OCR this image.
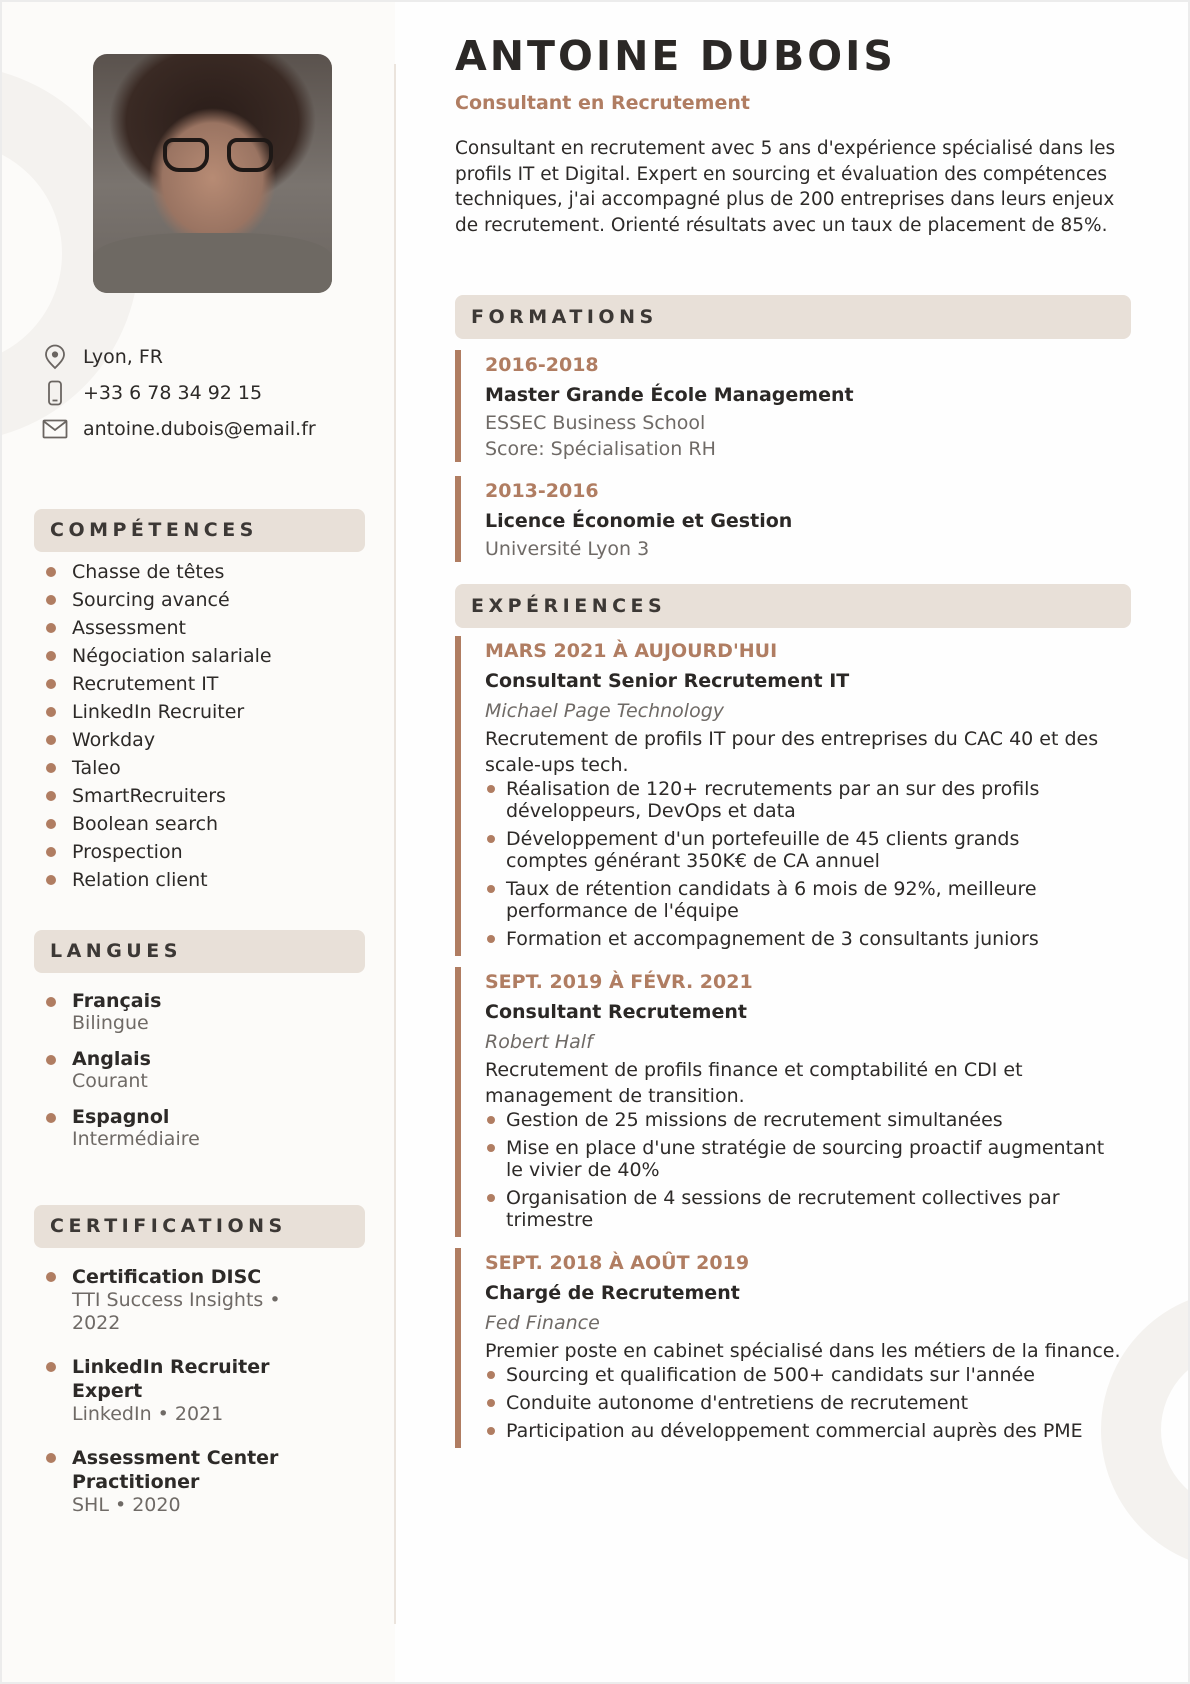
Lyon, FR
+33 6 78 34 92 15
antoine.dubois@email.fr
COMPÉTENCES
Chasse de têtes
Sourcing avancé
Assessment
Négociation salariale
Recrutement IT
LinkedIn Recruiter
Workday
Taleo
SmartRecruiters
Boolean search
Prospection
Relation client
LANGUES
Français
Bilingue
Anglais
Courant
Espagnol
Intermédiaire
CERTIFICATIONS
Certification DISC
TTI Success Insights • 2022
LinkedIn Recruiter Expert
LinkedIn • 2021
Assessment Center Practitioner
SHL • 2020
ANTOINE DUBOIS
Consultant en Recrutement
Consultant en recrutement avec 5 ans d'expérience spécialisé dans les profils IT et Digital. Expert en sourcing et évaluation des compétences techniques, j'ai accompagné plus de 200 entreprises dans leurs enjeux de recrutement. Orienté résultats avec un taux de placement de 85%.
FORMATIONS
2016-2018
Master Grande École Management
ESSEC Business School
Score: Spécialisation RH
2013-2016
Licence Économie et Gestion
Université Lyon 3
EXPÉRIENCES
MARS 2021 À AUJOURD'HUI
Consultant Senior Recrutement IT
Michael Page Technology
Recrutement de profils IT pour des entreprises du CAC 40 et des scale-ups tech.
Réalisation de 120+ recrutements par an sur des profils développeurs, DevOps et data
Développement d'un portefeuille de 45 clients grands comptes générant 350K€ de CA annuel
Taux de rétention candidats à 6 mois de 92%, meilleure performance de l'équipe
Formation et accompagnement de 3 consultants juniors
SEPT. 2019 À FÉVR. 2021
Consultant Recrutement
Robert Half
Recrutement de profils finance et comptabilité en CDI et management de transition.
Gestion de 25 missions de recrutement simultanées
Mise en place d'une stratégie de sourcing proactif augmentant le vivier de 40%
Organisation de 4 sessions de recrutement collectives par trimestre
SEPT. 2018 À AOÛT 2019
Chargé de Recrutement
Fed Finance
Premier poste en cabinet spécialisé dans les métiers de la finance.
Sourcing et qualification de 500+ candidats sur l'année
Conduite autonome d'entretiens de recrutement
Participation au développement commercial auprès des PME
